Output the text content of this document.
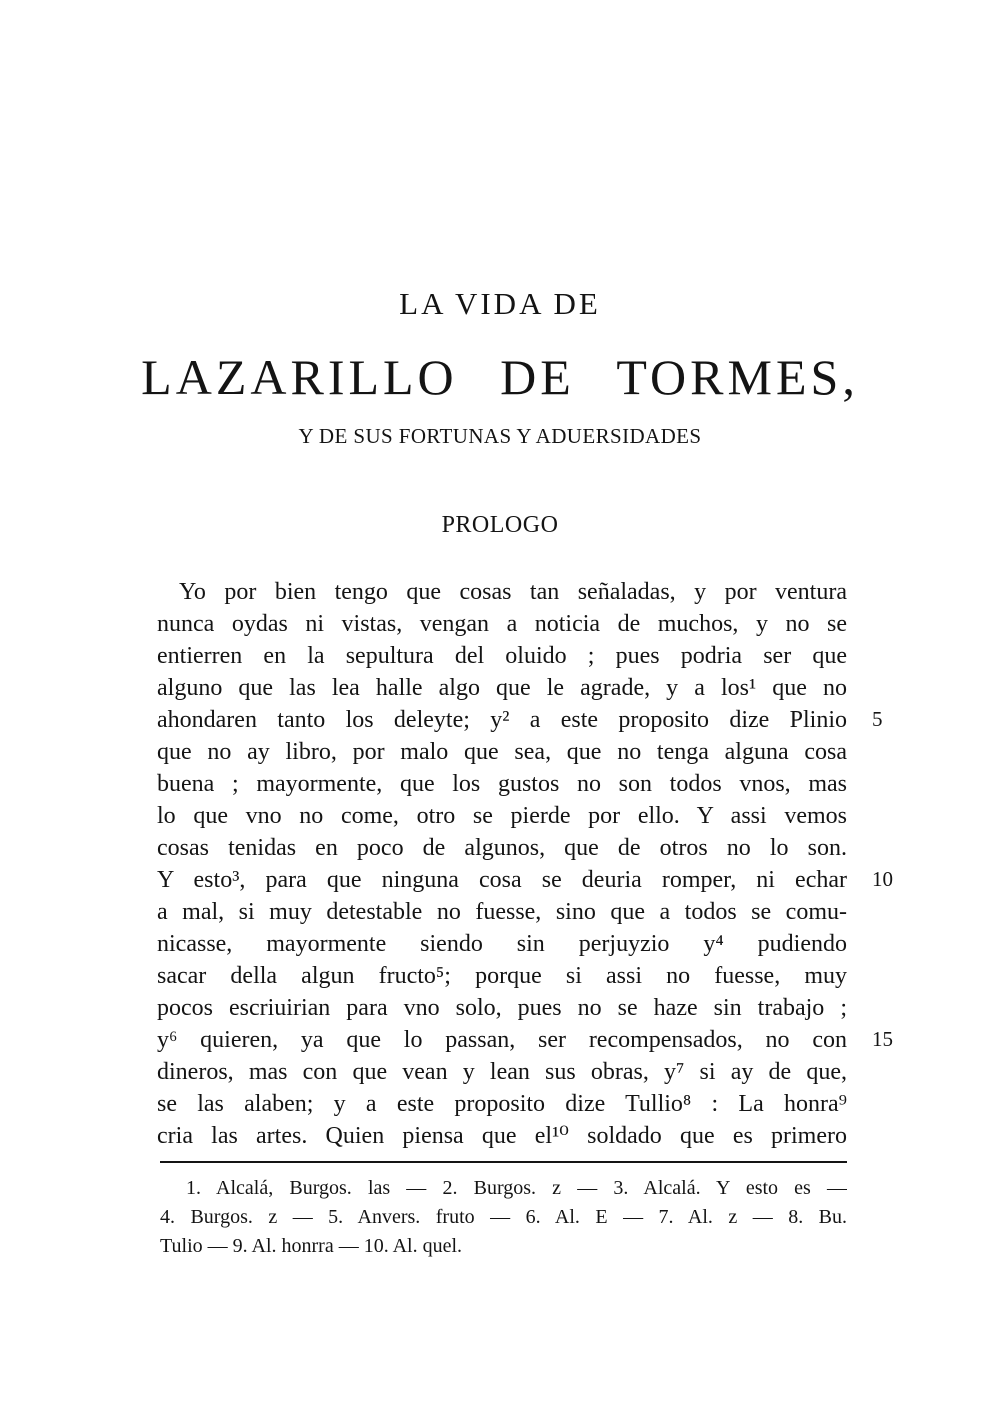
LA VIDA DE
LAZARILLO DE TORMES,
Y DE SUS FORTUNAS Y ADUERSIDADES
PROLOGO
Yo por bien tengo que cosas tan señaladas, y por ventura
nunca oydas ni vistas, vengan a noticia de muchos, y no se
entierren en la sepultura del oluido ; pues podria ser que
alguno que las lea halle algo que le agrade, y a los¹ que no
ahondaren tanto los deleyte; y² a este proposito dize Plinio
que no ay libro, por malo que sea, que no tenga alguna cosa
buena ; mayormente, que los gustos no son todos vnos, mas
lo que vno no come, otro se pierde por ello. Y assi vemos
cosas tenidas en poco de algunos, que de otros no lo son.
Y esto³, para que ninguna cosa se deuria romper, ni echar
a mal, si muy detestable no fuesse, sino que a todos se comu-
nicasse, mayormente siendo sin perjuyzio y⁴ pudiendo
sacar della algun fructo⁵; porque si assi no fuesse, muy
pocos escriuirian para vno solo, pues no se haze sin trabajo ;
y⁶ quieren, ya que lo passan, ser recompensados, no con
dineros, mas con que vean y lean sus obras, y⁷ si ay de que,
se las alaben; y a este proposito dize Tullio⁸ : La honra⁹
cria las artes. Quien piensa que el¹⁰ soldado que es primero
5
10
15
1. Alcalá, Burgos. las — 2. Burgos. z — 3. Alcalá. Y esto es —
4. Burgos. z — 5. Anvers. fruto — 6. Al. E — 7. Al. z — 8. Bu.
Tulio — 9. Al. honrra — 10. Al. quel.
